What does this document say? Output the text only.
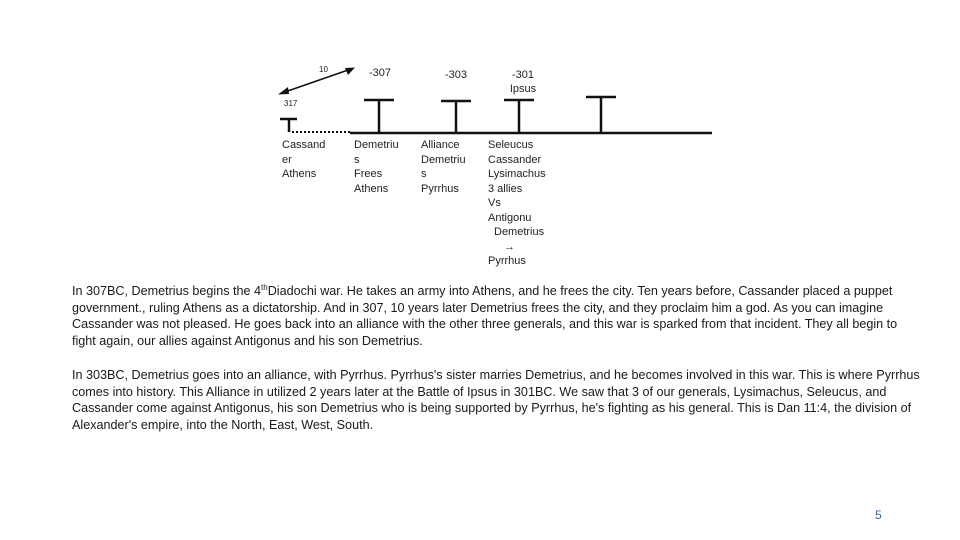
10
317
-307	-303	-301
Ipsus
Cassand
er
Athens
Demetriu
s
Frees
Athens
Alliance
Demetriu
s
Pyrrhus
Seleucus
Cassander
Lysimachus
3 allies
Vs
Antigonu
Demetrius
→
Pyrrhus
In 307BC, Demetrius begins the 4thDiadochi war. He takes an army into Athens, and he frees the city. Ten years before, Cassander placed a puppet government., ruling Athens as a dictatorship. And in 307, 10 years later Demetrius frees the city, and they proclaim him a god. As you can imagine Cassander was not pleased. He goes back into an alliance with the other three generals, and this war is sparked from that incident. They all begin to fight again, our allies against Antigonus and his son Demetrius.
In 303BC, Demetrius goes into an alliance, with Pyrrhus. Pyrrhus's sister marries Demetrius, and he becomes involved in this war. This is where Pyrrhus comes into history. This Alliance in utilized 2 years later at the Battle of Ipsus in 301BC. We saw that 3 of our generals, Lysimachus, Seleucus, and Cassander come against Antigonus, his son Demetrius who is being supported by Pyrrhus, he's fighting as his general. This is Dan 11:4, the division of Alexander's empire, into the North, East, West, South.
5
